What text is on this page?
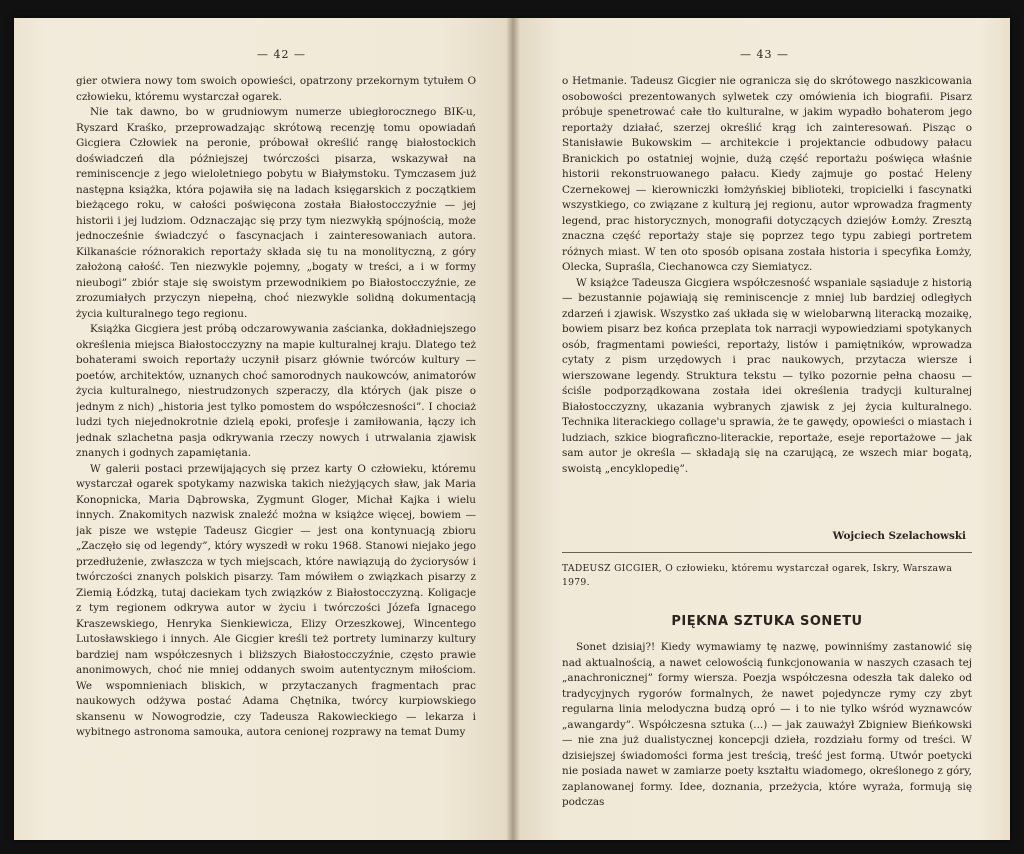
— 42 —

gier otwiera nowy tom swoich opowieści, opatrzony przekornym tytułem O człowieku, któremu wystarczał ogarek.

Nie tak dawno, bo w grudniowym numerze ubiegłorocznego BIK-u, Ryszard Kraśko, przeprowadzając skrótową recenzję tomu opowiadań Gicgiera Człowiek na peronie, próbował określić rangę białostockich doświadczeń dla późniejszej twórczości pisarza, wskazywał na reminiscencje z jego wieloletniego pobytu w Białymstoku. Tymczasem już następna książka, która pojawiła się na ladach księgarskich z początkiem bieżącego roku, w całości poświęcona została Białostocczyźnie — jej historii i jej ludziom. Odznaczając się przy tym niezwykłą spójnością, może jednocześnie świadczyć o fascynacjach i zainteresowaniach autora. Kilkanaście różnorakich reportaży składa się tu na monolityczną, z góry założoną całość. Ten niezwykle pojemny, „bogaty w treści, a i w formy nieubogi” zbiór staje się swoistym przewodnikiem po Białostocczyźnie, ze zrozumiałych przyczyn niepełną, choć niezwykle solidną dokumentacją życia kulturalnego tego regionu.

Książka Gicgiera jest próbą odczarowywania zaścianka, dokładniejszego określenia miejsca Białostocczyzny na mapie kulturalnej kraju. Dlatego też bohaterami swoich reportaży uczynił pisarz głównie twórców kultury — poetów, architektów, uznanych choć samorodnych naukowców, animatorów życia kulturalnego, niestrudzonych szperaczy, dla których (jak pisze o jednym z nich) „historia jest tylko pomostem do współczesności”. I chociaż ludzi tych niejednokrotnie dzielą epoki, profesje i zamiłowania, łączy ich jednak szlachetna pasja odkrywania rzeczy nowych i utrwalania zjawisk znanych i godnych zapamiętania.

W galerii postaci przewijających się przez karty O człowieku, któremu wystarczał ogarek spotykamy nazwiska takich nieżyjących sław, jak Maria Konopnicka, Maria Dąbrowska, Zygmunt Gloger, Michał Kajka i wielu innych. Znakomitych nazwisk znaleźć można w książce więcej, bowiem — jak pisze we wstępie Tadeusz Gicgier — jest ona kontynuacją zbioru „Zaczęło się od legendy”, który wyszedł w roku 1968. Stanowi niejako jego przedłużenie, zwłaszcza w tych miejscach, które nawiązują do życiorysów i twórczości znanych polskich pisarzy. Tam mówiłem o związkach pisarzy z Ziemią Łódzką, tutaj daciekam tych związków z Białostocczyzną. Koligacje z tym regionem odkrywa autor w życiu i twórczości Józefa Ignacego Kraszewskiego, Henryka Sienkiewicza, Elizy Orzeszkowej, Wincentego Lutosławskiego i innych. Ale Gicgier kreśli też portrety luminarzy kultury bardziej nam współczesnych i bliższych Białostocczyźnie, często prawie anonimowych, choć nie mniej oddanych swoim autentycznym miłościom. We wspomnieniach bliskich, w przytaczanych fragmentach prac naukowych odżywa postać Adama Chętnika, twórcy kurpiowskiego skansenu w Nowogrodzie, czy Tadeusza Rakowieckiego — lekarza i wybitnego astronoma samouka, autora cenionej rozprawy na temat Dumy

— 43 —

o Hetmanie. Tadeusz Gicgier nie ogranicza się do skrótowego naszkicowania osobowości prezentowanych sylwetek czy omówienia ich biografii. Pisarz próbuje spenetrować całe tło kulturalne, w jakim wypadło bohaterom jego reportaży działać, szerzej określić krąg ich zainteresowań. Pisząc o Stanisławie Bukowskim — architekcie i projektancie odbudowy pałacu Branickich po ostatniej wojnie, dużą część reportażu poświęca właśnie historii rekonstruowanego pałacu. Kiedy zajmuje go postać Heleny Czernekowej — kierowniczki łomżyńskiej biblioteki, tropicielki i fascynatki wszystkiego, co związane z kulturą jej regionu, autor wprowadza fragmenty legend, prac historycznych, monografii dotyczących dziejów Łomży. Zresztą znaczna część reportaży staje się poprzez tego typu zabiegi portretem różnych miast. W ten oto sposób opisana została historia i specyfika Łomży, Olecka, Supraśla, Ciechanowca czy Siemiatycz.

W książce Tadeusza Gicgiera współczesność wspaniale sąsiaduje z historią — bezustannie pojawiają się reminiscencje z mniej lub bardziej odległych zdarzeń i zjawisk. Wszystko zaś układa się w wielobarwną literacką mozaikę, bowiem pisarz bez końca przeplata tok narracji wypowiedziami spotykanych osób, fragmentami powieści, reportaży, listów i pamiętników, wprowadza cytaty z pism urzędowych i prac naukowych, przytacza wiersze i wierszowane legendy. Struktura tekstu — tylko pozornie pełna chaosu — ściśle podporządkowana została idei określenia tradycji kulturalnej Białostocczyzny, ukazania wybranych zjawisk z jej życia kulturalnego. Technika literackiego collage'u sprawia, że te gawędy, opowieści o miastach i ludziach, szkice biograficzno-literackie, reportaże, eseje reportażowe — jak sam autor je określa — składają się na czarującą, ze wszech miar bogatą, swoistą „encyklopedię”.

Wojciech Szelachowski
TADEUSZ GICGIER, O człowieku, któremu wystarczał ogarek, Iskry, Warszawa 1979.
PIĘKNA SZTUKA SONETU

Sonet dzisiaj?! Kiedy wymawiamy tę nazwę, powinniśmy zastanowić się nad aktualnością, a nawet celowością funkcjonowania w naszych czasach tej „anachronicznej” formy wiersza. Poezja współczesna odeszła tak daleko od tradycyjnych rygorów formalnych, że nawet pojedyncze rymy czy zbyt regularna linia melodyczna budzą opró — i to nie tylko wśród wyznawców „awangardy”. Współczesna sztuka (...) — jak zauważył Zbigniew Bieńkowski — nie zna już dualistycznej koncepcji dzieła, rozdziału formy od treści. W dzisiejszej świadomości forma jest treścią, treść jest formą. Utwór poetycki nie posiada nawet w zamiarze poety kształtu wiadomego, określonego z góry, zaplanowanej formy. Idee, doznania, przeżycia, które wyraża, formują się podczas
